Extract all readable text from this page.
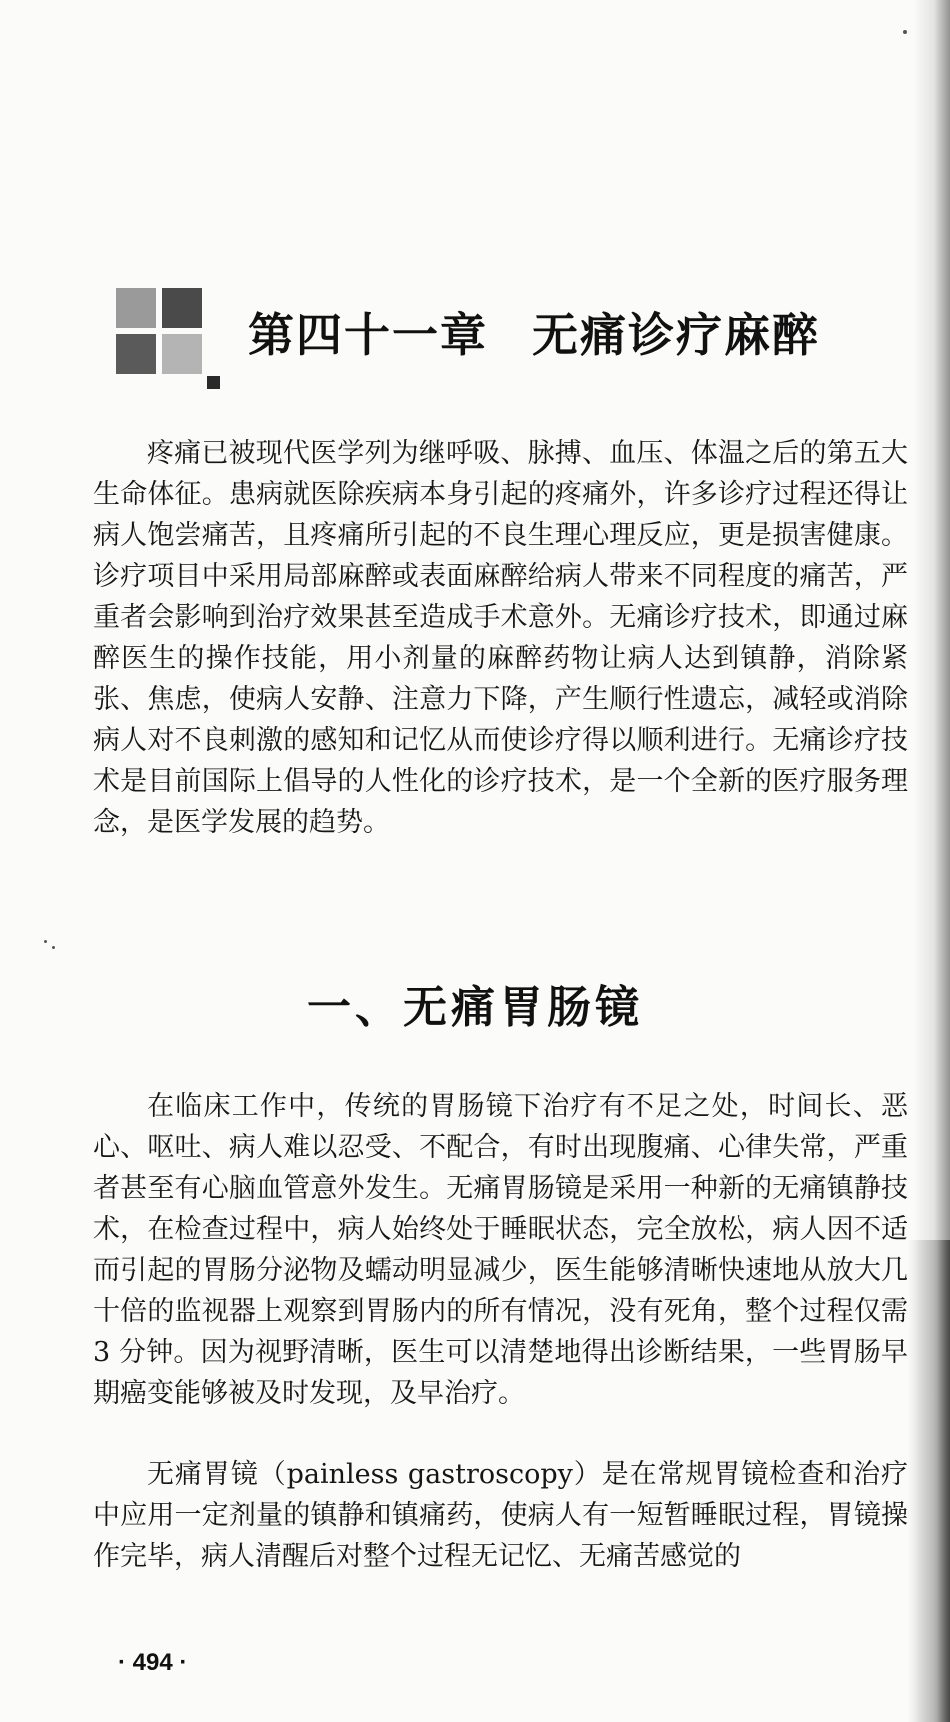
第四十一章 无痛诊疗麻醉

疼痛已被现代医学列为继呼吸、脉搏、血压、体温之后的第五大生命体征。患病就医除疾病本身引起的疼痛外，许多诊疗过程还得让病人饱尝痛苦，且疼痛所引起的不良生理心理反应，更是损害健康。诊疗项目中采用局部麻醉或表面麻醉给病人带来不同程度的痛苦，严重者会影响到治疗效果甚至造成手术意外。无痛诊疗技术，即通过麻醉医生的操作技能，用小剂量的麻醉药物让病人达到镇静，消除紧张、焦虑，使病人安静、注意力下降，产生顺行性遗忘，减轻或消除病人对不良刺激的感知和记忆从而使诊疗得以顺利进行。无痛诊疗技术是目前国际上倡导的人性化的诊疗技术，是一个全新的医疗服务理念，是医学发展的趋势。

一、无痛胃肠镜

在临床工作中，传统的胃肠镜下治疗有不足之处，时间长、恶心、呕吐、病人难以忍受、不配合，有时出现腹痛、心律失常，严重者甚至有心脑血管意外发生。无痛胃肠镜是采用一种新的无痛镇静技术，在检查过程中，病人始终处于睡眠状态，完全放松，病人因不适而引起的胃肠分泌物及蠕动明显减少，医生能够清晰快速地从放大几十倍的监视器上观察到胃肠内的所有情况，没有死角，整个过程仅需 3 分钟。因为视野清晰，医生可以清楚地得出诊断结果，一些胃肠早期癌变能够被及时发现，及早治疗。

无痛胃镜（painless gastroscopy）是在常规胃镜检查和治疗中应用一定剂量的镇静和镇痛药，使病人有一短暂睡眠过程，胃镜操作完毕，病人清醒后对整个过程无记忆、无痛苦感觉的

· 494 ·
